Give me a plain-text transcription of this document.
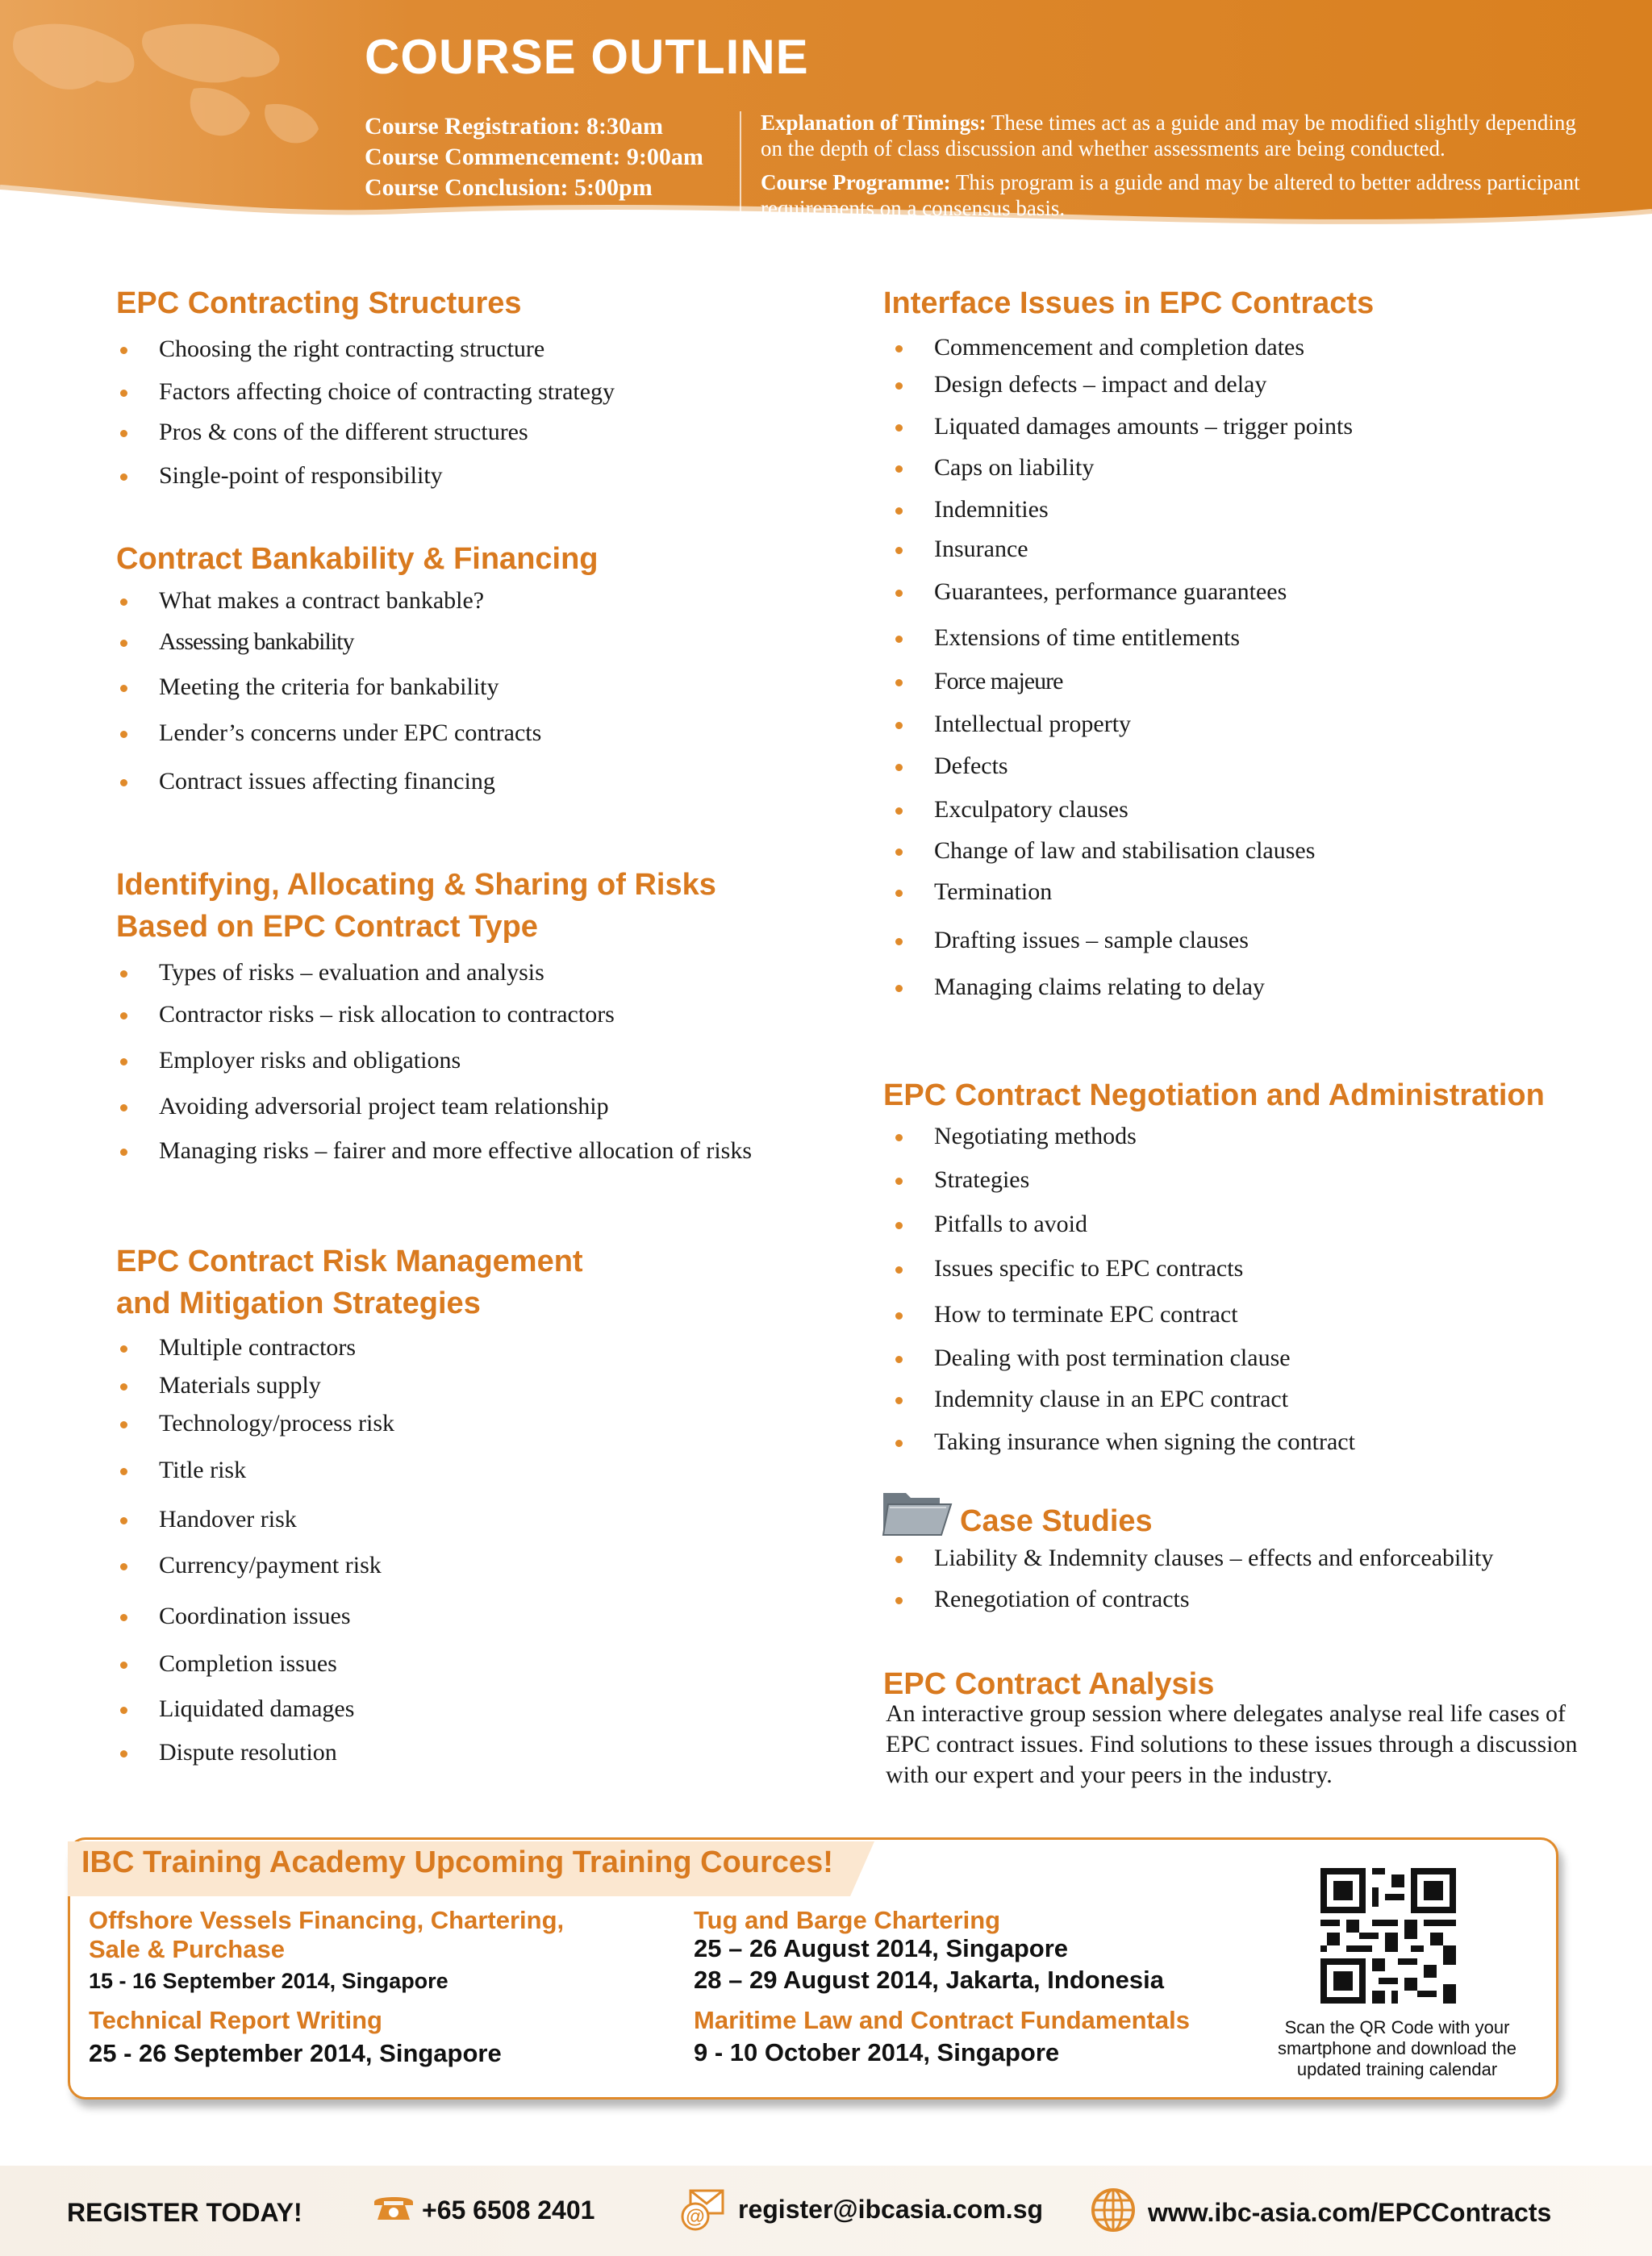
COURSE OUTLINE
Course Registration: 8:30am
Course Commencement: 9:00am
Course Conclusion: 5:00pm

Explanation of Timings: These times act as a guide and may be modified slightly depending on the depth of class discussion and whether assessments are being conducted.

Course Programme: This program is a guide and may be altered to better address participant requirements on a consensus basis.

EPC Contracting Structures
Choosing the right contracting structure
Factors affecting choice of contracting strategy
Pros & cons of the different structures
Single-point of responsibility
Contract Bankability & Financing
What makes a contract bankable?
Assessing bankability
Meeting the criteria for bankability
Lender’s concerns under EPC contracts
Contract issues affecting financing
Identifying, Allocating & Sharing of Risks
Based on EPC Contract Type
Types of risks – evaluation and analysis
Contractor risks – risk allocation to contractors
Employer risks and obligations
Avoiding adversorial project team relationship
Managing risks – fairer and more effective allocation of risks
EPC Contract Risk Management
and Mitigation Strategies
Multiple contractors
Materials supply
Technology/process risk
Title risk
Handover risk
Currency/payment risk
Coordination issues
Completion issues
Liquidated damages
Dispute resolution
Interface Issues in EPC Contracts
Commencement and completion dates
Design defects – impact and delay
Liquated damages amounts – trigger points
Caps on liability
Indemnities
Insurance
Guarantees, performance guarantees
Extensions of time entitlements
Force majeure
Intellectual property
Defects
Exculpatory clauses
Change of law and stabilisation clauses
Termination
Drafting issues – sample clauses
Managing claims relating to delay
EPC Contract Negotiation and Administration
Negotiating methods
Strategies
Pitfalls to avoid
Issues specific to EPC contracts
How to terminate EPC contract
Dealing with post termination clause
Indemnity clause in an EPC contract
Taking insurance when signing the contract
Case Studies
Liability & Indemnity clauses – effects and enforceability
Renegotiation of contracts
EPC Contract Analysis
An interactive group session where delegates analyse real life cases of EPC contract issues. Find solutions to these issues through a discussion with our expert and your peers in the industry.
IBC Training Academy Upcoming Training Cources!
Offshore Vessels Financing, Chartering,
Sale & Purchase
15 - 16 September 2014, Singapore
Technical Report Writing
25 - 26 September 2014, Singapore
Tug and Barge Chartering
25 – 26 August 2014, Singapore
28 – 29 August 2014, Jakarta, Indonesia
Maritime Law and Contract Fundamentals
9 - 10 October 2014, Singapore
Scan the QR Code with your smartphone and download the updated training calendar
REGISTER TODAY!	+65 6508 2401	@ register@ibcasia.com.sg	www.ibc-asia.com/EPCContracts
